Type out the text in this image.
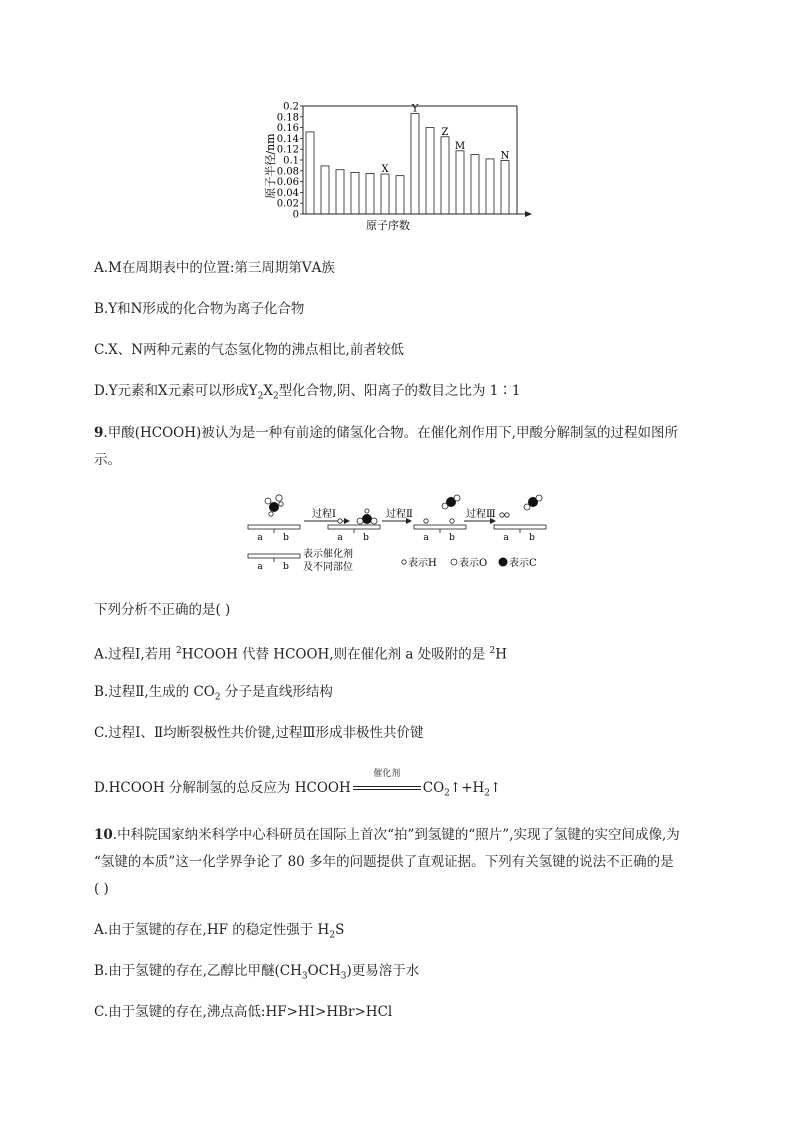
原子半径/nm
原子序数
0
0.02
0.04
0.06
0.08
0.1
0.12
0.14
0.16
0.18
0.2
X
Y
Z
M
N
A.M在周期表中的位置:第三周期第ⅤA族
B.Y和N形成的化合物为离子化合物
C.X、N两种元素的气态氢化物的沸点相比,前者较低
D.Y元素和X元素可以形成$Y_2X_2$型化合物,阴、阳离子的数目之比为 1∶1
9.甲酸(HCOOH)被认为是一种有前途的储氢化合物。在催化剂作用下,甲酸分解制氢的过程如图所
示。
a b
过程Ⅰ
a b
过程Ⅱ
a b
过程Ⅲ
a b
a b
表示催化剂
及不同部位	表示H 表示O 表示C
下列分析不正确的是( )
A.过程Ⅰ,若用 $^2$HCOOH 代替 HCOOH,则在催化剂 a 处吸附的是 $^2$H
B.过程Ⅱ,生成的 $CO_2$ 分子是直线形结构
C.过程Ⅰ、Ⅱ均断裂极性共价键,过程Ⅲ形成非极性共价键
D.HCOOH 分解制氢的总反应为 HCOOH
催化剂
$CO_2↑+H_2↑$
10.中科院国家纳米科学中心科研员在国际上首次“拍”到氢键的“照片”,实现了氢键的实空间成像,为
“氢键的本质”这一化学界争论了 80 多年的问题提供了直观证据。下列有关氢键的说法不正确的是
( )
A.由于氢键的存在,HF 的稳定性强于 $H_2S$
B.由于氢键的存在,乙醇比甲醚$(CH_3OCH_3)$更易溶于水
C.由于氢键的存在,沸点高低:HF>HI>HBr>HCl
